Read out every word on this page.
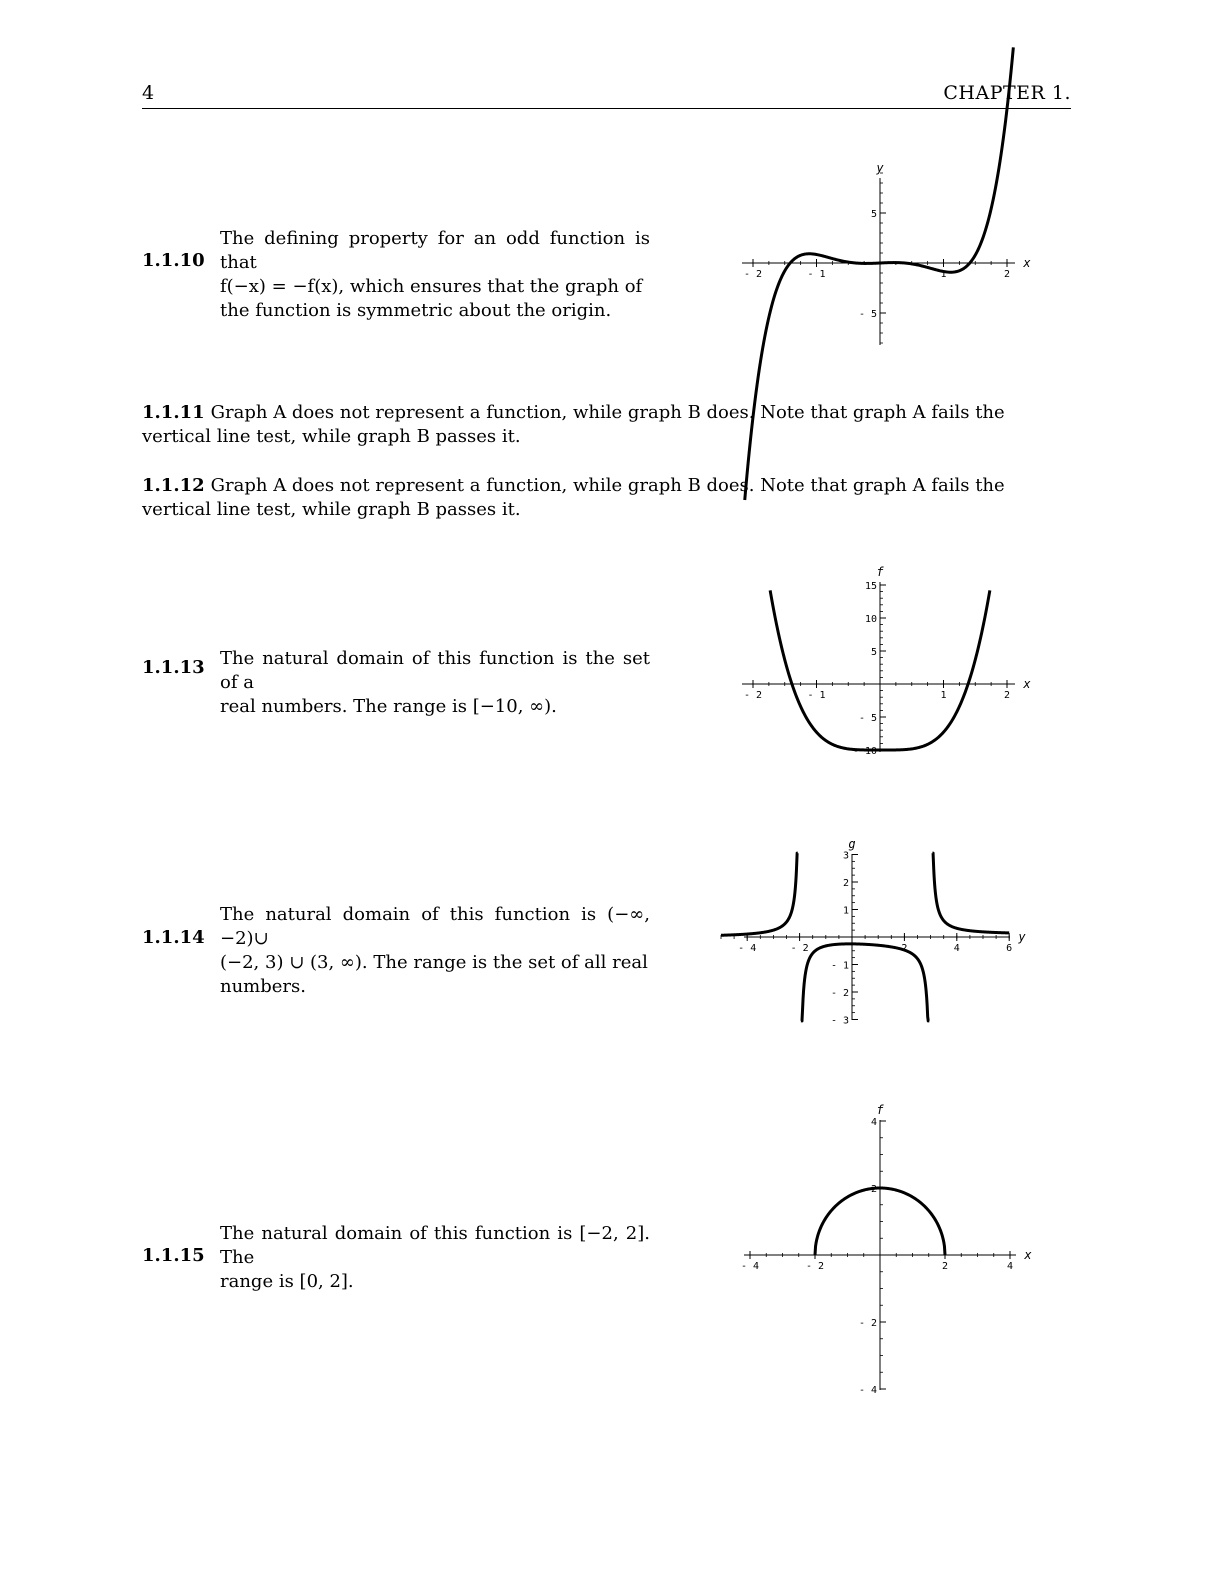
4	CHAPTER 1.
1.1.10
The defining property for an odd function is that
f(−x) = −f(x), which ensures that the graph of
the function is symmetric about the origin.
1.1.11 Graph A does not represent a function, while graph B does. Note that graph A fails the vertical line test, while graph B passes it.
1.1.12 Graph A does not represent a function, while graph B does. Note that graph A fails the vertical line test, while graph B passes it.
1.1.13 The natural domain of this function is the set of a
real numbers. The range is [−10, ∞).
1.1.14
The natural domain of this function is (−∞, −2)∪
(−2, 3) ∪ (3, ∞). The range is the set of all real
numbers.
1.1.15
The natural domain of this function is [−2, 2]. The
range is [0, 2].
- 2	- 1	1	2
5
- 5
x
y
- 2	- 1	1	2
15
10
5
- 5
- 10
x
f
- 4	- 2	2	4	6
3
2
1
- 1
- 2
- 3
y
g
- 4	- 2	2	4
4
2
- 2
- 4
x
f
